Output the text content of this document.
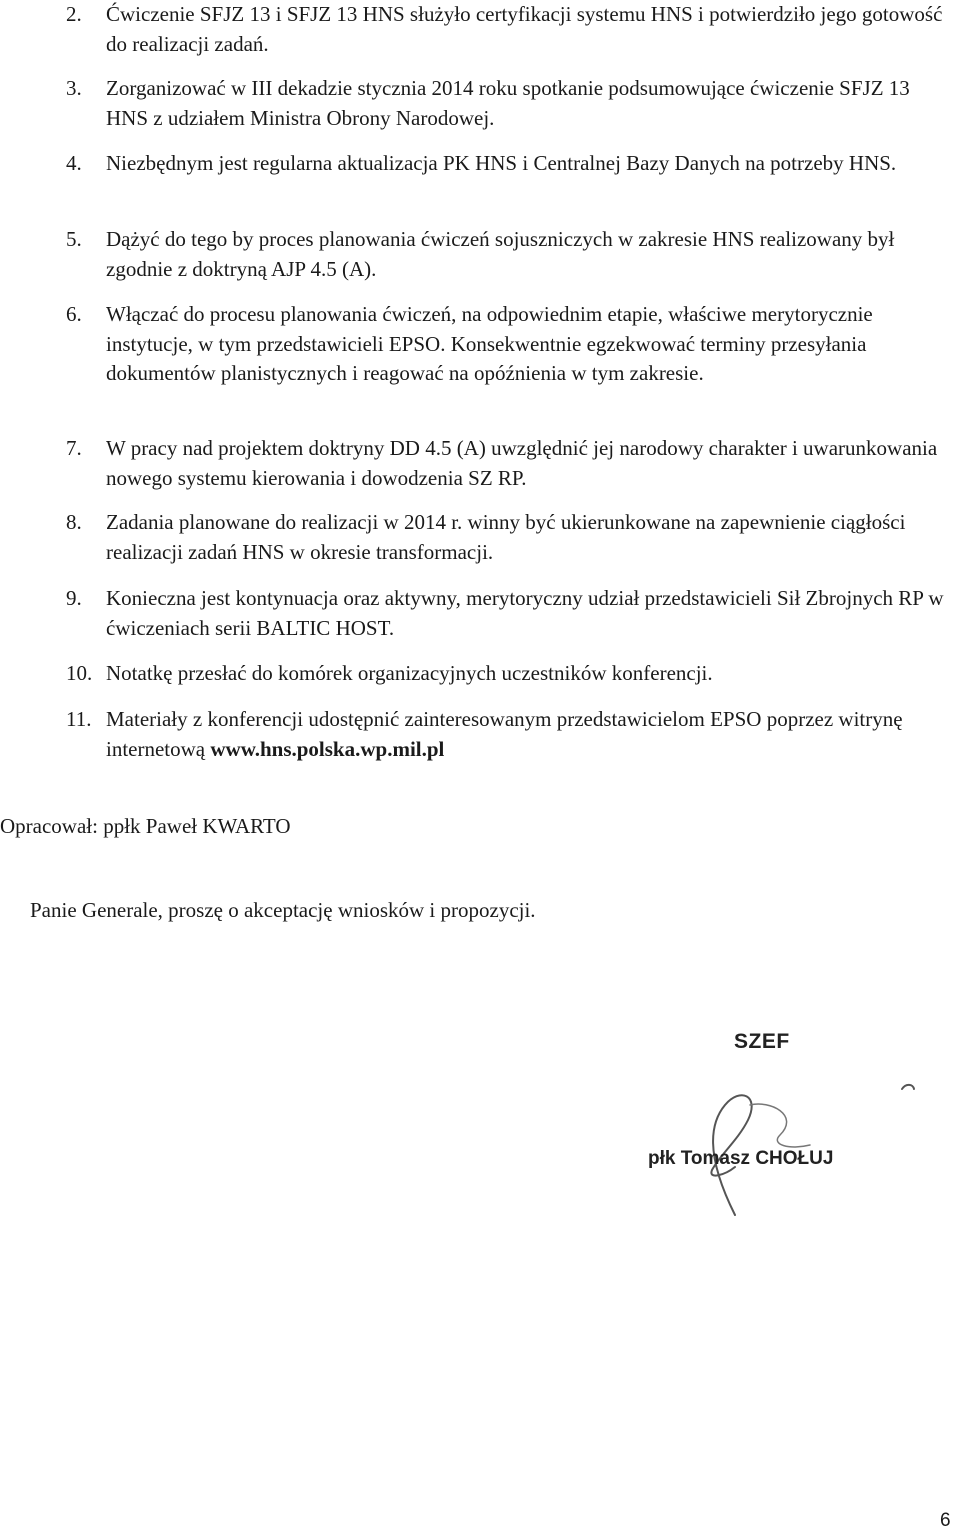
2. Ćwiczenie SFJZ 13 i SFJZ 13 HNS służyło certyfikacji systemu HNS i potwierdziło jego gotowość do realizacji zadań.
3. Zorganizować w III dekadzie stycznia 2014 roku spotkanie podsumowujące ćwiczenie SFJZ 13 HNS z udziałem Ministra Obrony Narodowej.
4. Niezbędnym jest regularna aktualizacja PK HNS i Centralnej Bazy Danych na potrzeby HNS.
5. Dążyć do tego by proces planowania ćwiczeń sojuszniczych w zakresie HNS realizowany był zgodnie z doktryną AJP 4.5 (A).
6. Włączać do procesu planowania ćwiczeń, na odpowiednim etapie, właściwe merytorycznie instytucje, w tym przedstawicieli EPSO. Konsekwentnie egzekwować terminy przesyłania dokumentów planistycznych i reagować na opóźnienia w tym zakresie.
7. W pracy nad projektem doktryny DD 4.5 (A) uwzględnić jej narodowy charakter i uwarunkowania nowego systemu kierowania i dowodzenia SZ RP.
8. Zadania planowane do realizacji w 2014 r. winny być ukierunkowane na zapewnienie ciągłości realizacji zadań HNS w okresie transformacji.
9. Konieczna jest kontynuacja oraz aktywny, merytoryczny udział przedstawicieli Sił Zbrojnych RP w ćwiczeniach serii BALTIC HOST.
10. Notatkę przesłać do komórek organizacyjnych uczestników konferencji.
11. Materiały z konferencji udostępnić zainteresowanym przedstawicielom EPSO poprzez witrynę internetową www.hns.polska.wp.mil.pl
Opracował: ppłk Paweł KWARTO
Panie Generale, proszę o akceptację wniosków i propozycji.
SZEF
płk Tomasz CHOŁUJ
6
